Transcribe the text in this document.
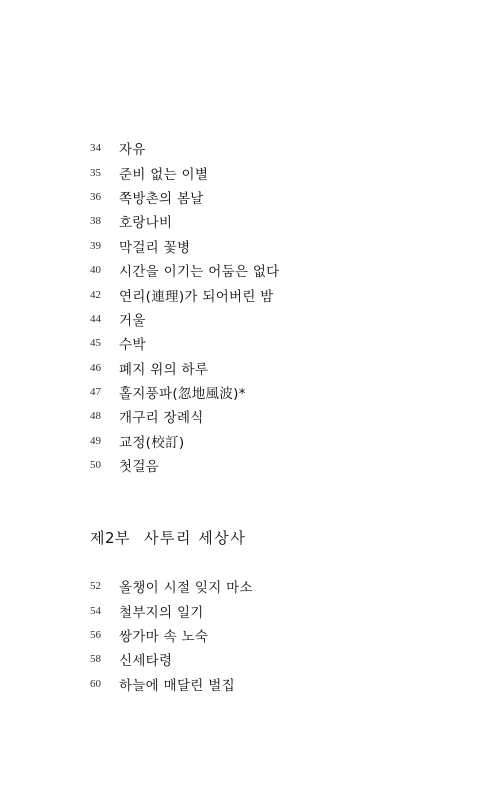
34	자유
35	준비 없는 이별
36	쪽방촌의 봄날
38	호랑나비
39	막걸리 꽃병
40	시간을 이기는 어둠은 없다
42	연리(連理)가 되어버린 밤
44	거울
45	수박
46	폐지 위의 하루
47	홀지풍파(忽地風波)*
48	개구리 장례식
49	교정(校訂)
50	첫걸음
제2부 사투리 세상사
52	올챙이 시절 잊지 마소
54	철부지의 일기
56	쌍가마 속 노숙
58	신세타령
60	하늘에 매달린 벌집
